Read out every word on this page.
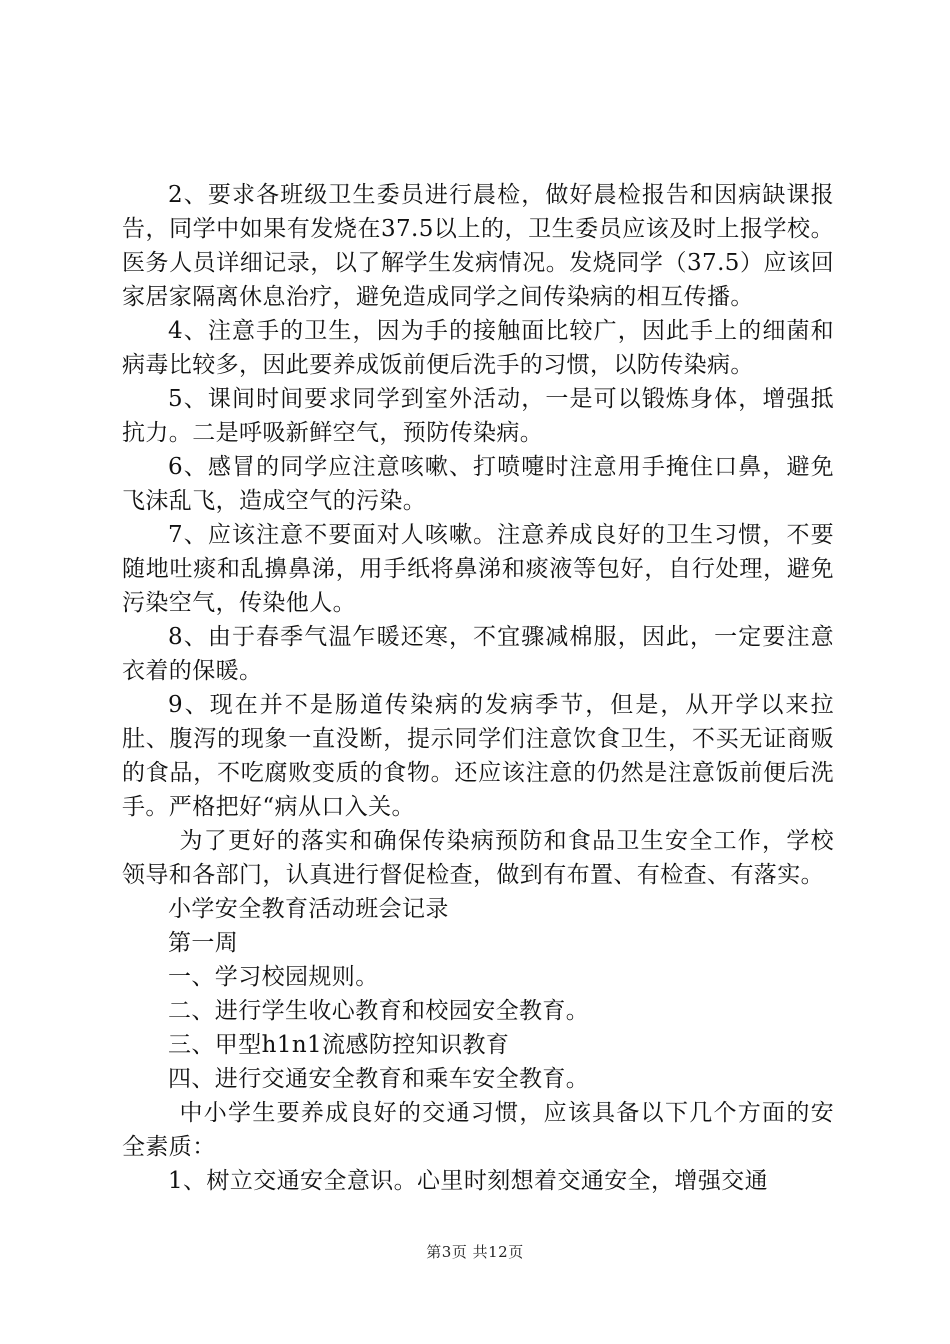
2、要求各班级卫生委员进行晨检，做好晨检报告和因病缺课报告，同学中如果有发烧在37.5以上的，卫生委员应该及时上报学校。医务人员详细记录，以了解学生发病情况。发烧同学（37.5）应该回家居家隔离休息治疗，避免造成同学之间传染病的相互传播。

4、注意手的卫生，因为手的接触面比较广，因此手上的细菌和病毒比较多，因此要养成饭前便后洗手的习惯，以防传染病。

5、课间时间要求同学到室外活动，一是可以锻炼身体，增强抵抗力。二是呼吸新鲜空气，预防传染病。

6、感冒的同学应注意咳嗽、打喷嚏时注意用手掩住口鼻，避免飞沫乱飞，造成空气的污染。

7、应该注意不要面对人咳嗽。注意养成良好的卫生习惯，不要随地吐痰和乱擤鼻涕，用手纸将鼻涕和痰液等包好，自行处理，避免污染空气，传染他人。

8、由于春季气温乍暖还寒，不宜骤减棉服，因此，一定要注意衣着的保暖。

9、现在并不是肠道传染病的发病季节，但是，从开学以来拉肚、腹泻的现象一直没断，提示同学们注意饮食卫生，不买无证商贩的食品，不吃腐败变质的食物。还应该注意的仍然是注意饭前便后洗手。严格把好“病从口入关。

为了更好的落实和确保传染病预防和食品卫生安全工作，学校领导和各部门，认真进行督促检查，做到有布置、有检查、有落实。

小学安全教育活动班会记录

第一周

一、学习校园规则。

二、进行学生收心教育和校园安全教育。

三、甲型h1n1流感防控知识教育

四、进行交通安全教育和乘车安全教育。

中小学生要养成良好的交通习惯，应该具备以下几个方面的安全素质：

1、树立交通安全意识。心里时刻想着交通安全，增强交通

第3页 共12页
